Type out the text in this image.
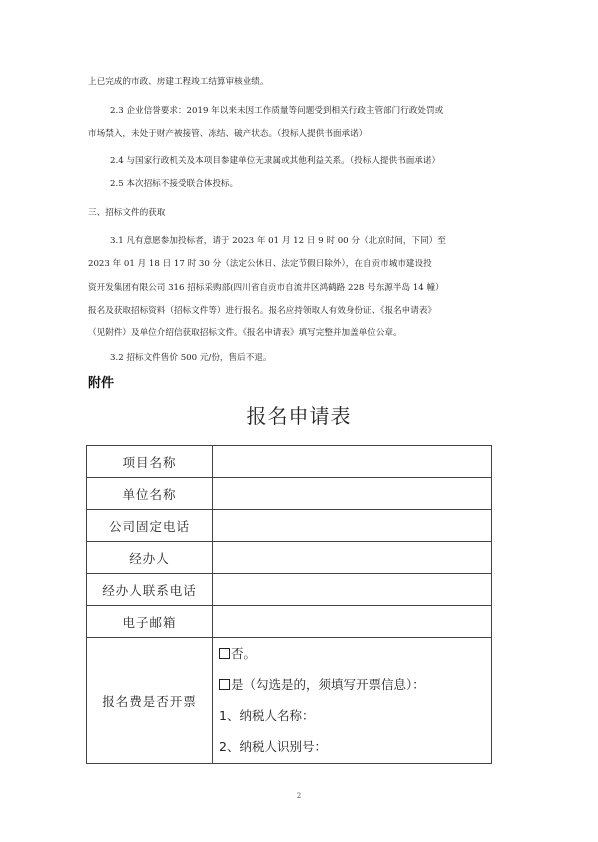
上已完成的市政、房建工程竣工结算审核业绩。
2.3 企业信誉要求：2019 年以来未因工作质量等问题受到相关行政主管部门行政处罚或
市场禁入，未处于财产被接管、冻结、破产状态。（投标人提供书面承诺）
2.4 与国家行政机关及本项目参建单位无隶属或其他利益关系。（投标人提供书面承诺）
2.5 本次招标不接受联合体投标。
三、招标文件的获取
3.1 凡有意愿参加投标者，请于 2023 年 01 月 12 日 9 时 00 分（北京时间，下同）至
2023 年 01 月 18 日 17 时 30 分（法定公休日、法定节假日除外），在自贡市城市建设投
资开发集团有限公司 316 招标采购部(四川省自贡市自流井区鸿鹤路 228 号东源半岛 14 幢）
报名及获取招标资料（招标文件等）进行报名。报名应持领取人有效身份证、《报名申请表》
（见附件）及单位介绍信获取招标文件。《报名申请表》填写完整并加盖单位公章。
3.2 招标文件售价 500 元/份，售后不退。
附件
报名申请表
项目名称	
单位名称	
公司固定电话	
经办人	
经办人联系电话	
电子邮箱	
报名费是否开票	否。
是（勾选是的，须填写开票信息）：
1、纳税人名称：
2、纳税人识别号：
2
